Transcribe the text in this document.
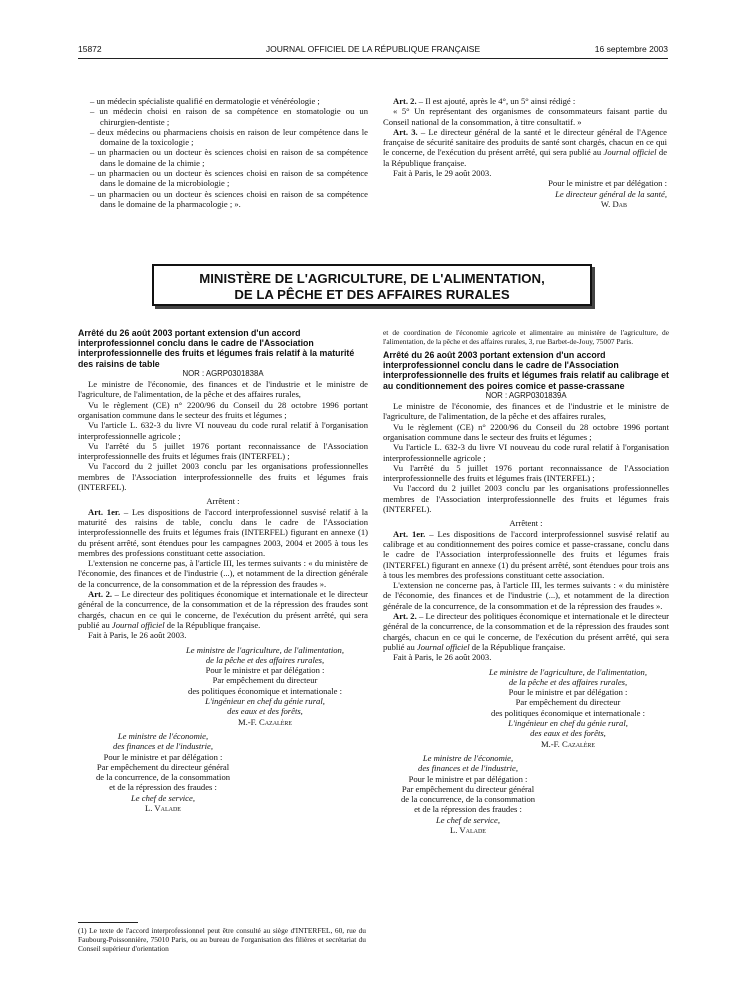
15872	JOURNAL OFFICIEL DE LA RÉPUBLIQUE FRANÇAISE	16 septembre 2003

– un médecin spécialiste qualifié en dermatologie et vénéréologie ;

– un médecin choisi en raison de sa compétence en stomatologie ou un chirurgien-dentiste ;

– deux médecins ou pharmaciens choisis en raison de leur compétence dans le domaine de la toxicologie ;

– un pharmacien ou un docteur ès sciences choisi en raison de sa compétence dans le domaine de la chimie ;

– un pharmacien ou un docteur ès sciences choisi en raison de sa compétence dans le domaine de la microbiologie ;

– un pharmacien ou un docteur ès sciences choisi en raison de sa compétence dans le domaine de la pharmacologie ; ».

Art. 2. – Il est ajouté, après le 4°, un 5° ainsi rédigé :

« 5° Un représentant des organismes de consommateurs faisant partie du Conseil national de la consommation, à titre consultatif. »

Art. 3. – Le directeur général de la santé et le directeur général de l'Agence française de sécurité sanitaire des produits de santé sont chargés, chacun en ce qui le concerne, de l'exécution du présent arrêté, qui sera publié au Journal officiel de la République française.

Fait à Paris, le 29 août 2003.

Pour le ministre et par délégation :

Le directeur général de la santé,

W. Dab

MINISTÈRE DE L'AGRICULTURE, DE L'ALIMENTATION,
DE LA PÊCHE ET DES AFFAIRES RURALES

Arrêté du 26 août 2003 portant extension d'un accord interprofessionnel conclu dans le cadre de l'Association interprofessionnelle des fruits et légumes frais relatif à la maturité des raisins de table

NOR : AGRP0301838A

Le ministre de l'économie, des finances et de l'industrie et le ministre de l'agriculture, de l'alimentation, de la pêche et des affaires rurales,

Vu le règlement (CE) n° 2200/96 du Conseil du 28 octobre 1996 portant organisation commune dans le secteur des fruits et légumes ;

Vu l'article L. 632-3 du livre VI nouveau du code rural relatif à l'organisation interprofessionnelle agricole ;

Vu l'arrêté du 5 juillet 1976 portant reconnaissance de l'Association interprofessionnelle des fruits et légumes frais (INTERFEL) ;

Vu l'accord du 2 juillet 2003 conclu par les organisations professionnelles membres de l'Association interprofessionnelle des fruits et légumes frais (INTERFEL).

Arrêtent :

Art. 1er. – Les dispositions de l'accord interprofessionnel susvisé relatif à la maturité des raisins de table, conclu dans le cadre de l'Association interprofessionnelle des fruits et légumes frais (INTERFEL) figurant en annexe (1) du présent arrêté, sont étendues pour les campagnes 2003, 2004 et 2005 à tous les membres des professions constituant cette association.

L'extension ne concerne pas, à l'article III, les termes suivants : « du ministère de l'économie, des finances et de l'industrie (...), et notamment de la direction générale de la concurrence, de la consommation et de la répression des fraudes ».

Art. 2. – Le directeur des politiques économique et internationale et le directeur général de la concurrence, de la consommation et de la répression des fraudes sont chargés, chacun en ce qui le concerne, de l'exécution du présent arrêté, qui sera publié au Journal officiel de la République française.

Fait à Paris, le 26 août 2003.

Le ministre de l'agriculture, de l'alimentation,

de la pêche et des affaires rurales,

Pour le ministre et par délégation :

Par empêchement du directeur

des politiques économique et internationale :

L'ingénieur en chef du génie rural,

des eaux et des forêts,

M.-F. Cazalère

Le ministre de l'économie,

des finances et de l'industrie,

Pour le ministre et par délégation :

Par empêchement du directeur général

de la concurrence, de la consommation

et de la répression des fraudes :

Le chef de service,

L. Valade

(1) Le texte de l'accord interprofessionnel peut être consulté au siège d'INTERFEL, 60, rue du Faubourg-Poissonnière, 75010 Paris, ou au bureau de l'organisation des filières et secrétariat du Conseil supérieur d'orientation

et de coordination de l'économie agricole et alimentaire au ministère de l'agriculture, de l'alimentation, de la pêche et des affaires rurales, 3, rue Barbet-de-Jouy, 75007 Paris.

Arrêté du 26 août 2003 portant extension d'un accord interprofessionnel conclu dans le cadre de l'Association interprofessionnelle des fruits et légumes frais relatif au calibrage et au conditionnement des poires comice et passe-crassane

NOR : AGRP0301839A

Le ministre de l'économie, des finances et de l'industrie et le ministre de l'agriculture, de l'alimentation, de la pêche et des affaires rurales,

Vu le règlement (CE) n° 2200/96 du Conseil du 28 octobre 1996 portant organisation commune dans le secteur des fruits et légumes ;

Vu l'article L. 632-3 du livre VI nouveau du code rural relatif à l'organisation interprofessionnelle agricole ;

Vu l'arrêté du 5 juillet 1976 portant reconnaissance de l'Association interprofessionnelle des fruits et légumes frais (INTERFEL) ;

Vu l'accord du 2 juillet 2003 conclu par les organisations professionnelles membres de l'Association interprofessionnelle des fruits et légumes frais (INTERFEL).

Arrêtent :

Art. 1er. – Les dispositions de l'accord interprofessionnel susvisé relatif au calibrage et au conditionnement des poires comice et passe-crassane, conclu dans le cadre de l'Association interprofessionnelle des fruits et légumes frais (INTERFEL) figurant en annexe (1) du présent arrêté, sont étendues pour trois ans à tous les membres des professions constituant cette association.

L'extension ne concerne pas, à l'article III, les termes suivants : « du ministère de l'économie, des finances et de l'industrie (...), et notamment de la direction générale de la concurrence, de la consommation et de la répression des fraudes ».

Art. 2. – Le directeur des politiques économique et internationale et le directeur général de la concurrence, de la consommation et de la répression des fraudes sont chargés, chacun en ce qui le concerne, de l'exécution du présent arrêté, qui sera publié au Journal officiel de la République française.

Fait à Paris, le 26 août 2003.

Le ministre de l'agriculture, de l'alimentation,

de la pêche et des affaires rurales,

Pour le ministre et par délégation :

Par empêchement du directeur

des politiques économique et internationale :

L'ingénieur en chef du génie rural,

des eaux et des forêts,

M.-F. Cazalère

Le ministre de l'économie,

des finances et de l'industrie,

Pour le ministre et par délégation :

Par empêchement du directeur général

de la concurrence, de la consommation

et de la répression des fraudes :

Le chef de service,

L. Valade
